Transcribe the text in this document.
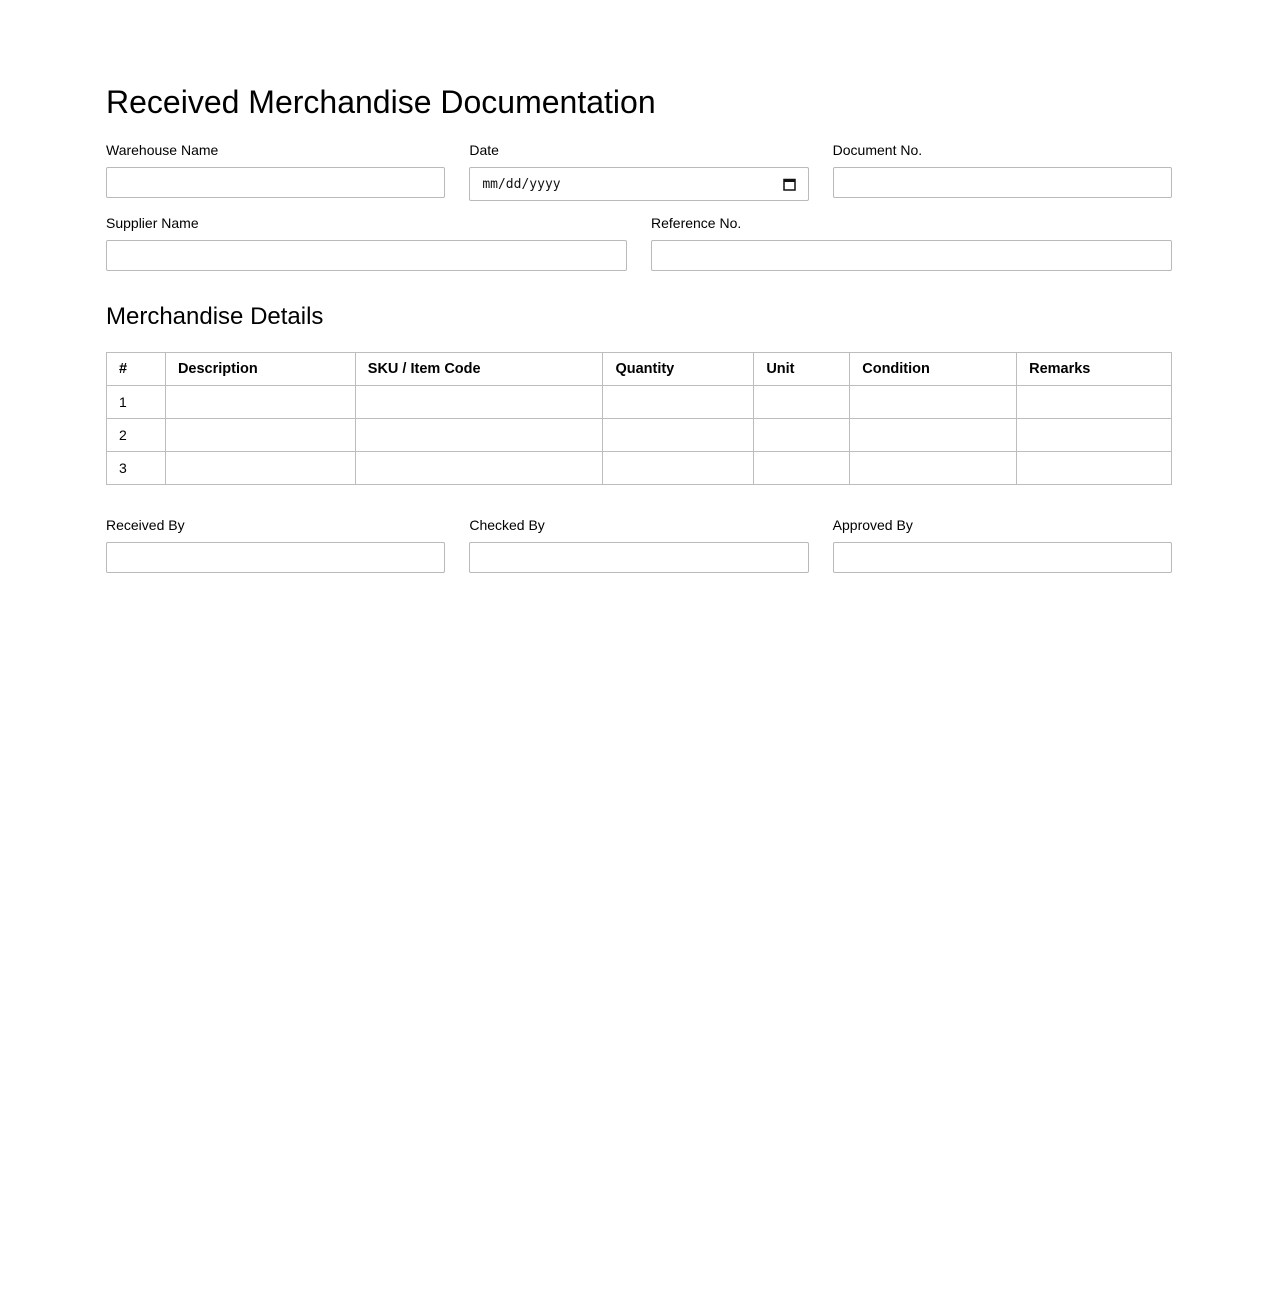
Received Merchandise Documentation
Warehouse Name	Date
mm/dd/yyyy
Document No.
Supplier Name	Reference No.
Merchandise Details
#	Description	SKU / Item Code	Quantity	Unit	Condition	Remarks
1						
2						
3						
Received By	Checked By	Approved By
